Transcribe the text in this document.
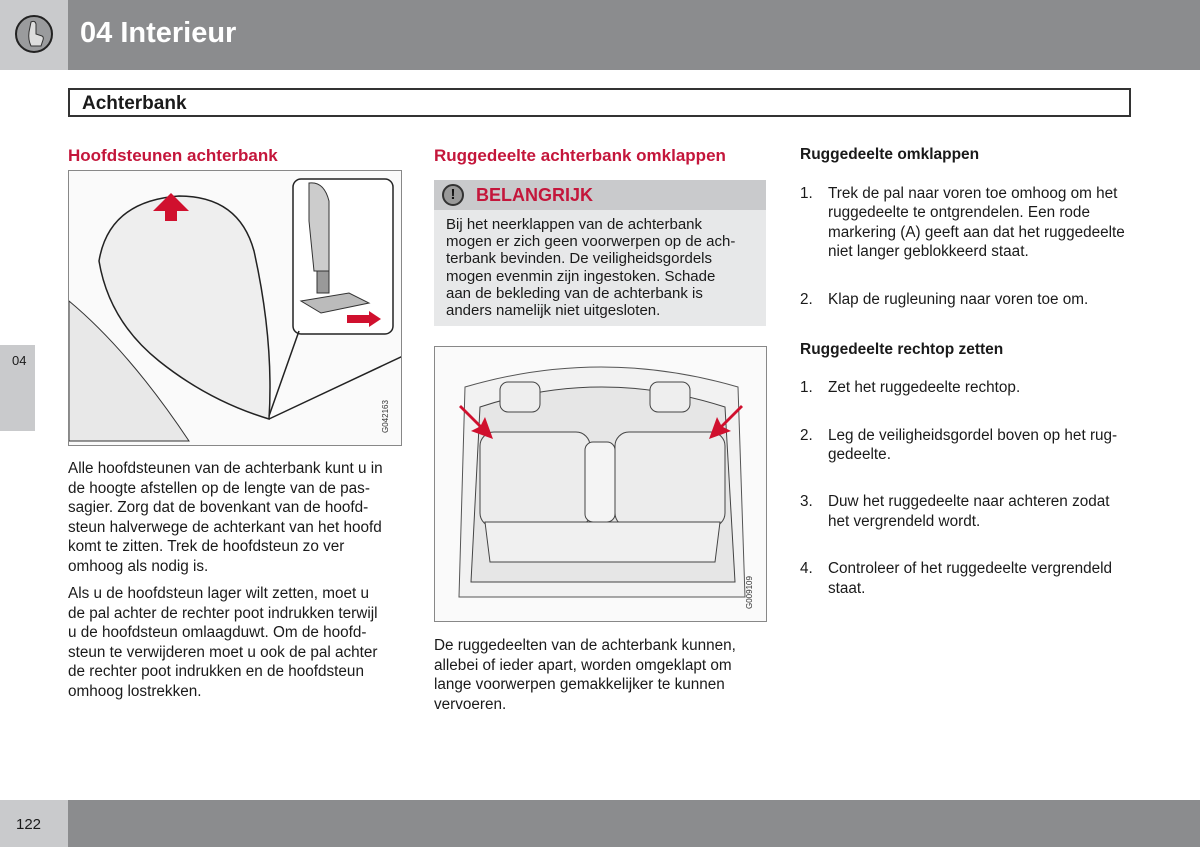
04 Interieur
Achterbank
04
Hoofdsteunen achterbank
G042163
Alle hoofdsteunen van de achterbank kunt u in
de hoogte afstellen op de lengte van de pas-
sagier. Zorg dat de bovenkant van de hoofd-
steun halverwege de achterkant van het hoofd
komt te zitten. Trek de hoofdsteun zo ver
omhoog als nodig is.
Als u de hoofdsteun lager wilt zetten, moet u
de pal achter de rechter poot indrukken terwijl
u de hoofdsteun omlaagduwt. Om de hoofd-
steun te verwijderen moet u ook de pal achter
de rechter poot indrukken en de hoofdsteun
omhoog lostrekken.
Ruggedeelte achterbank omklappen
!	BELANGRIJK
Bij het neerklappen van de achterbank
mogen er zich geen voorwerpen op de ach-
terbank bevinden. De veiligheidsgordels
mogen evenmin zijn ingestoken. Schade
aan de bekleding van de achterbank is
anders namelijk niet uitgesloten.
G009109
De ruggedeelten van de achterbank kunnen,
allebei of ieder apart, worden omgeklapt om
lange voorwerpen gemakkelijker te kunnen
vervoeren.
Ruggedeelte omklappen

1. Trek de pal naar voren toe omhoog om het
ruggedeelte te ontgrendelen. Een rode
markering (A) geeft aan dat het ruggedeelte
niet langer geblokkeerd staat.

2. Klap de rugleuning naar voren toe om.

Ruggedeelte rechtop zetten

1. Zet het ruggedeelte rechtop.

2. Leg de veiligheidsgordel boven op het rug-
gedeelte.

3. Duw het ruggedeelte naar achteren zodat
het vergrendeld wordt.

4. Controleer of het ruggedeelte vergrendeld
staat.

122
